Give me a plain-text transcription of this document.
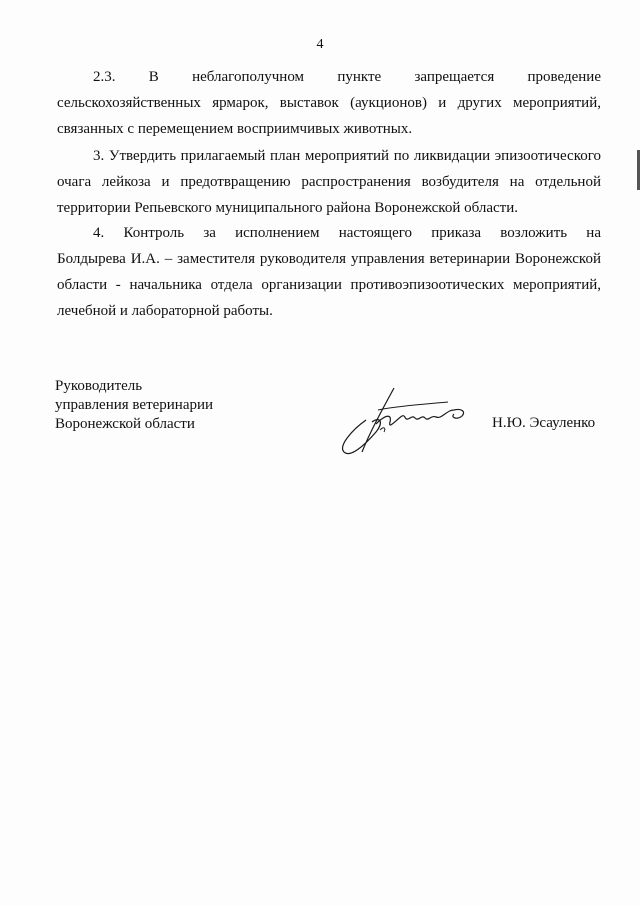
4
2.3. В неблагополучном пункте запрещается проведение
сельскохозяйственных ярмарок, выставок (аукционов) и других мероприятий,
связанных с перемещением восприимчивых животных.
3. Утвердить прилагаемый план мероприятий по ликвидации эпизоотического
очага лейкоза и предотвращению распространения возбудителя на отдельной
территории Репьевского муниципального района Воронежской области.
4. Контроль за исполнением настоящего приказа возложить на
Болдырева И.А. – заместителя руководителя управления ветеринарии Воронежской
области - начальника отдела организации противоэпизоотических мероприятий,
лечебной и лабораторной работы.
Руководитель
управления ветеринарии
Воронежской области	Н.Ю. Эсауленко
